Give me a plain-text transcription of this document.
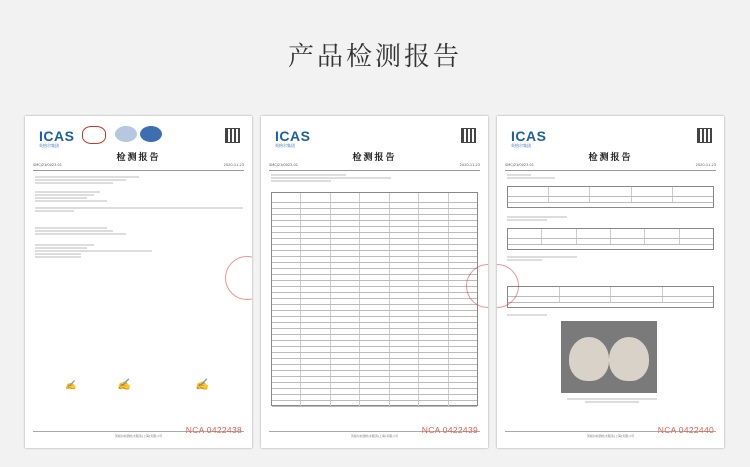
产品检测报告
ICAS
英格尔集团
检测报告
SMCJ21/0023-01	2020-11-23
✍	✍	✍
英格尔检测技术服务(上海)有限公司
NCA 0422438
ICAS
英格尔集团
检测报告
SMCJ21/0023-01	2020-11-23
英格尔检测技术服务(上海)有限公司
NCA 0422439
ICAS
英格尔集团
检测报告
SMCJ21/0023-01	2020-11-23
英格尔检测技术服务(上海)有限公司
NCA 0422440
